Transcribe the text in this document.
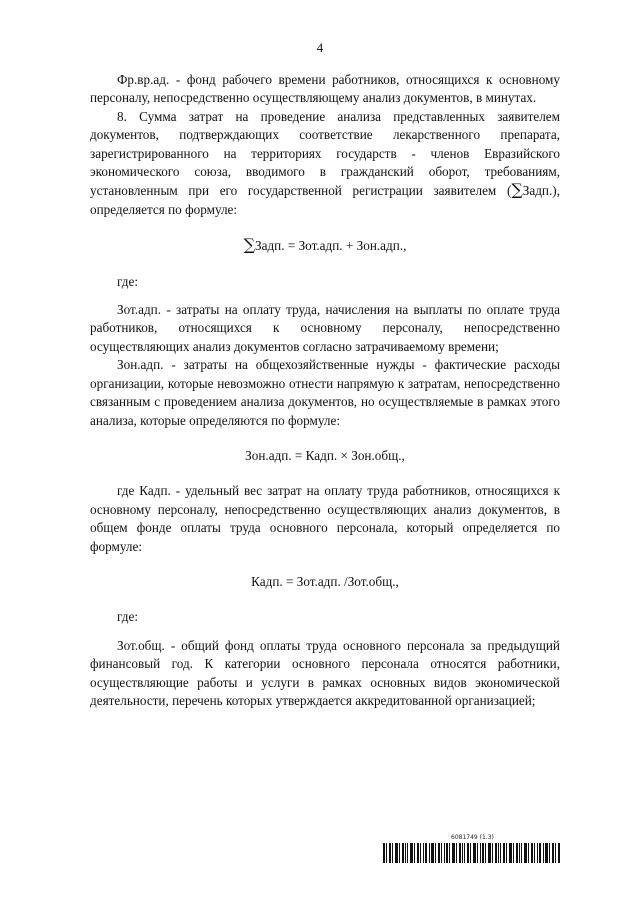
4

Фр.вр.ад. - фонд рабочего времени работников, относящихся к основному персоналу, непосредственно осуществляющему анализ документов, в минутах.

8. Сумма затрат на проведение анализа представленных заявителем документов, подтверждающих соответствие лекарственного препарата, зарегистрированного на территориях государств - членов Евразийского экономического союза, вводимого в гражданский оборот, требованиям, установленным при его государственной регистрации заявителем (∑Задп.), определяется по формуле:

∑Задп. = Зот.адп. + Зон.адп.,

где:

Зот.адп. - затраты на оплату труда, начисления на выплаты по оплате труда работников, относящихся к основному персоналу, непосредственно осуществляющих анализ документов согласно затрачиваемому времени;

Зон.адп. - затраты на общехозяйственные нужды - фактические расходы организации, которые невозможно отнести напрямую к затратам, непосредственно связанным с проведением анализа документов, но осуществляемые в рамках этого анализа, которые определяются по формуле:

Зон.адп. = Кадп. × Зон.общ.,

где Кадп. - удельный вес затрат на оплату труда работников, относящихся к основному персоналу, непосредственно осуществляющих анализ документов, в общем фонде оплаты труда основного персонала, который определяется по формуле:

Кадп. = Зот.адп. /Зот.общ.,

где:

Зот.общ. - общий фонд оплаты труда основного персонала за предыдущий финансовый год. К категории основного персонала относятся работники, осуществляющие работы и услуги в рамках основных видов экономической деятельности, перечень которых утверждается аккредитованной организацией;

6081749 (1.3)
